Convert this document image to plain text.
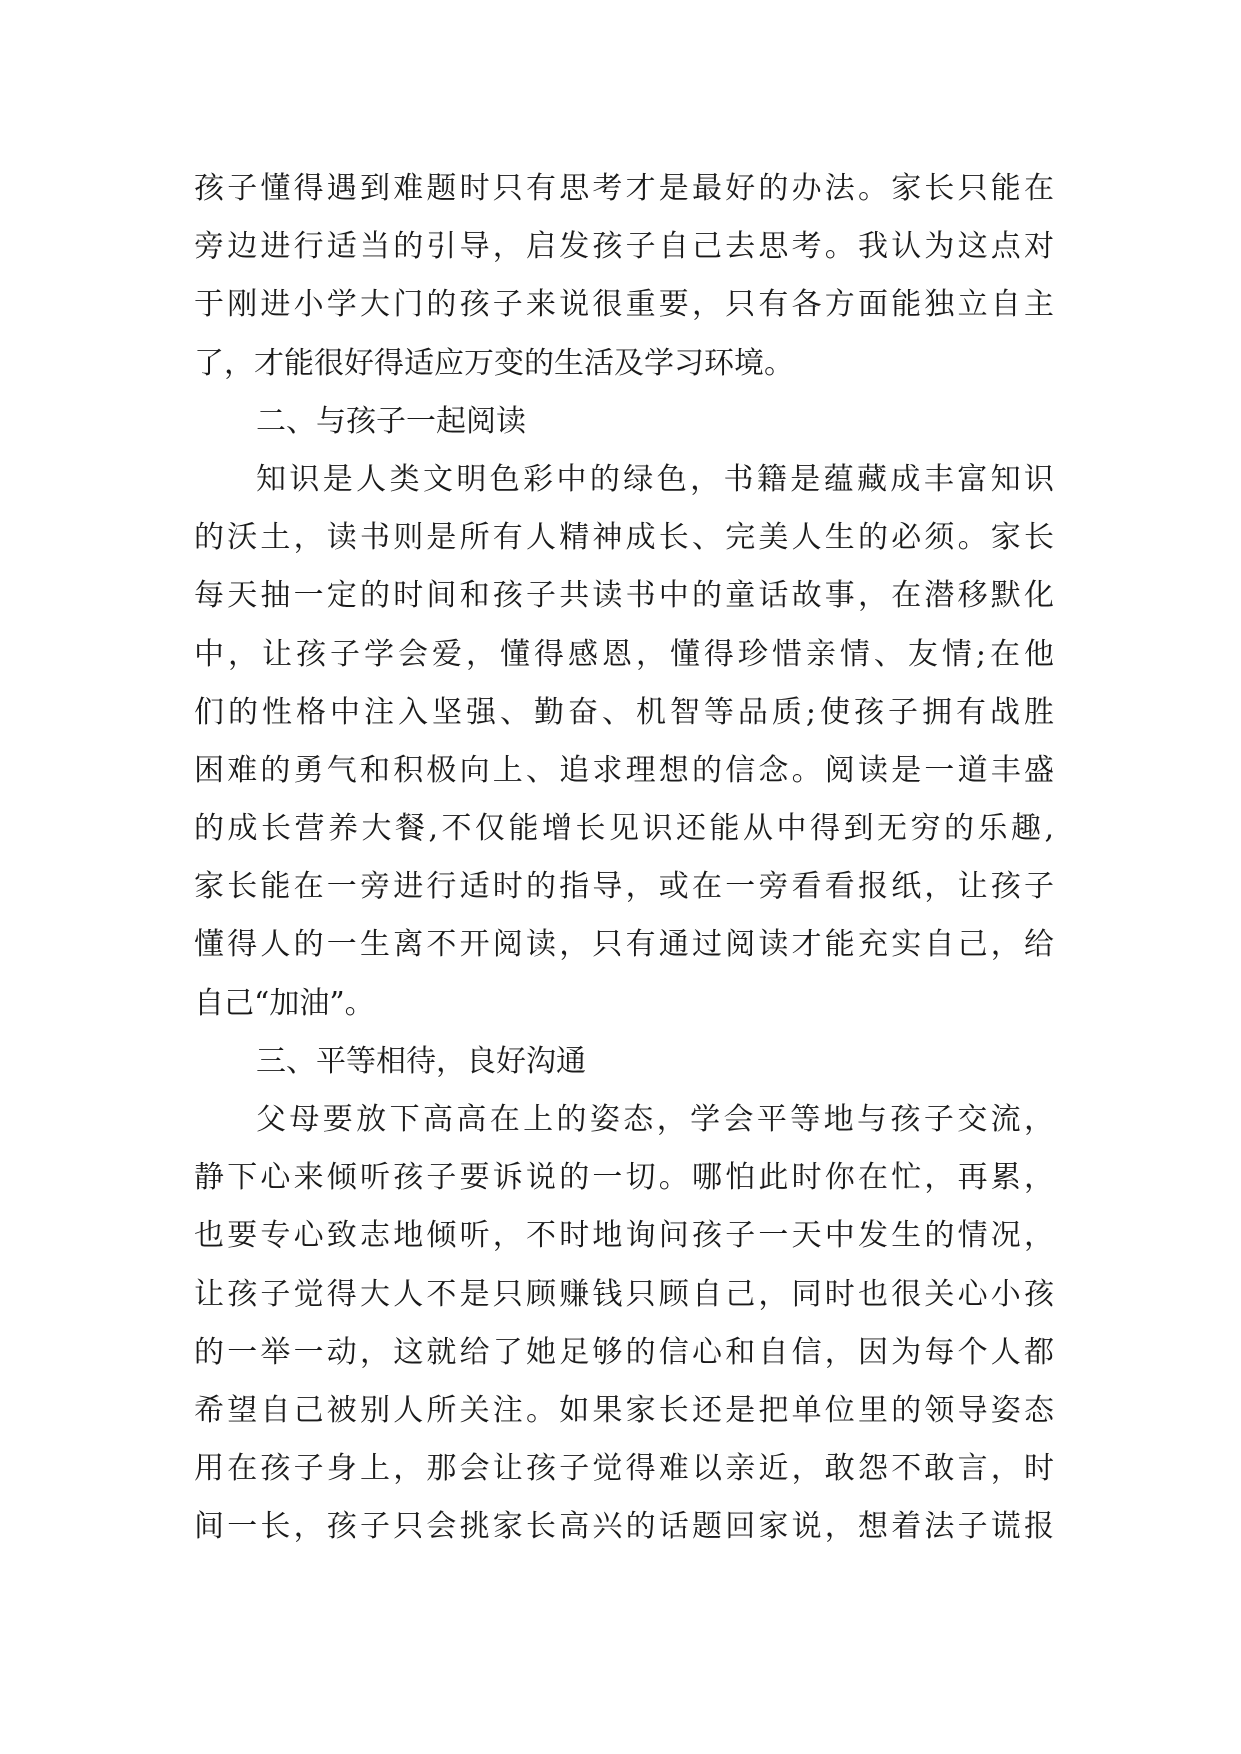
孩子懂得遇到难题时只有思考才是最好的办法。家长只能在
旁边进行适当的引导，启发孩子自己去思考。我认为这点对
于刚进小学大门的孩子来说很重要，只有各方面能独立自主
了，才能很好得适应万变的生活及学习环境。
二、与孩子一起阅读
知识是人类文明色彩中的绿色，书籍是蕴藏成丰富知识
的沃土，读书则是所有人精神成长、完美人生的必须。家长
每天抽一定的时间和孩子共读书中的童话故事，在潜移默化
中，让孩子学会爱，懂得感恩，懂得珍惜亲情、友情;在他
们的性格中注入坚强、勤奋、机智等品质;使孩子拥有战胜
困难的勇气和积极向上、追求理想的信念。阅读是一道丰盛
的成长营养大餐,不仅能增长见识还能从中得到无穷的乐趣,
家长能在一旁进行适时的指导，或在一旁看看报纸，让孩子
懂得人的一生离不开阅读，只有通过阅读才能充实自己，给
自己“加油”。
三、平等相待，良好沟通
父母要放下高高在上的姿态，学会平等地与孩子交流，
静下心来倾听孩子要诉说的一切。哪怕此时你在忙，再累，
也要专心致志地倾听，不时地询问孩子一天中发生的情况，
让孩子觉得大人不是只顾赚钱只顾自己，同时也很关心小孩
的一举一动，这就给了她足够的信心和自信，因为每个人都
希望自己被别人所关注。如果家长还是把单位里的领导姿态
用在孩子身上，那会让孩子觉得难以亲近，敢怨不敢言，时
间一长，孩子只会挑家长高兴的话题回家说，想着法子谎报
